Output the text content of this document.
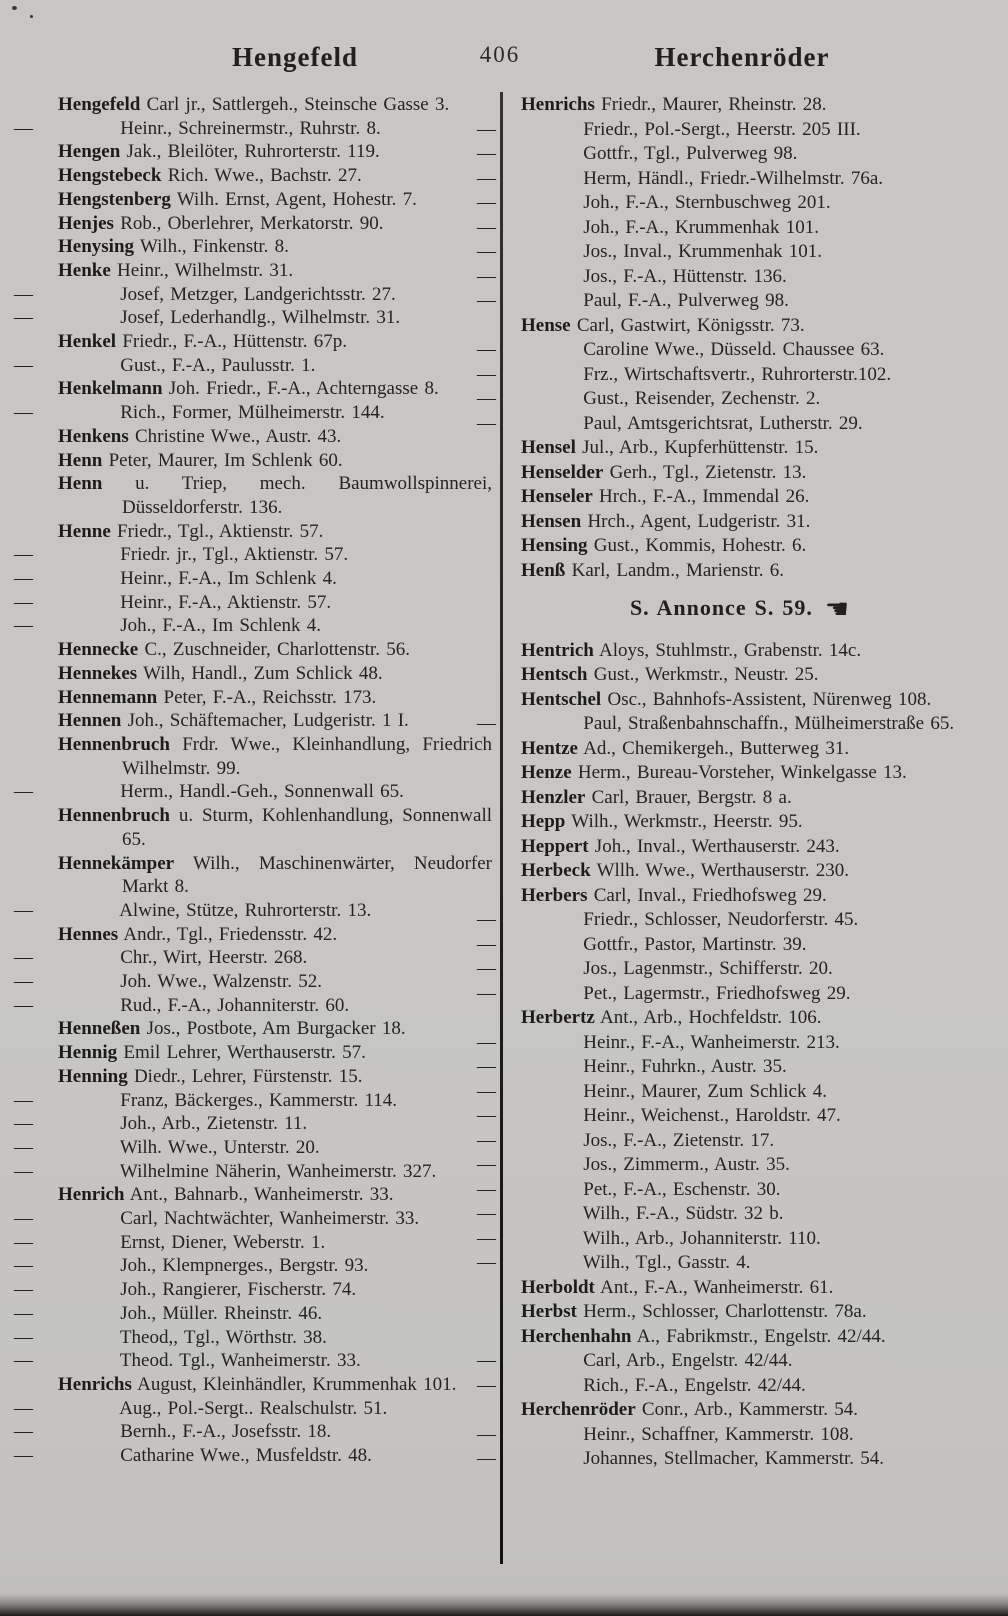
Hengefeld	406	Herchenröder

Hengefeld Carl jr., Sattlergeh., Steinsche Gasse 3.

—	Heinr., Schreinermstr., Ruhrstr. 8.

Hengen Jak., Bleilöter, Ruhrorterstr. 119.

Hengstebeck Rich. Wwe., Bachstr. 27.

Hengstenberg Wilh. Ernst, Agent, Hohestr. 7.

Henjes Rob., Oberlehrer, Merkatorstr. 90.

Henysing Wilh., Finkenstr. 8.

Henke Heinr., Wilhelmstr. 31.

—	Josef, Metzger, Landgerichtsstr. 27.

—	Josef, Lederhandlg., Wilhelmstr. 31.

Henkel Friedr., F.-A., Hüttenstr. 67p.

—	Gust., F.-A., Paulusstr. 1.

Henkelmann Joh. Friedr., F.-A., Achterngasse 8.

—	Rich., Former, Mülheimerstr. 144.

Henkens Christine Wwe., Austr. 43.

Henn Peter, Maurer, Im Schlenk 60.

Henn u. Triep, mech. Baumwollspinnerei, Düsseldorferstr. 136.

Henne Friedr., Tgl., Aktienstr. 57.

—	Friedr. jr., Tgl., Aktienstr. 57.

—	Heinr., F.-A., Im Schlenk 4.

—	Heinr., F.-A., Aktienstr. 57.

—	Joh., F.-A., Im Schlenk 4.

Hennecke C., Zuschneider, Charlottenstr. 56.

Hennekes Wilh, Handl., Zum Schlick 48.

Hennemann Peter, F.-A., Reichsstr. 173.

Hennen Joh., Schäftemacher, Ludgeristr. 1 I.

Hennenbruch Frdr. Wwe., Kleinhandlung, Friedrich Wilhelmstr. 99.

—	Herm., Handl.-Geh., Sonnenwall 65.

Hennenbruch u. Sturm, Kohlenhandlung, Sonnenwall 65.

Hennekämper Wilh., Maschinenwärter, Neudorfer Markt 8.

—	Alwine, Stütze, Ruhrorterstr. 13.

Hennes Andr., Tgl., Friedensstr. 42.

—	Chr., Wirt, Heerstr. 268.

—	Joh. Wwe., Walzenstr. 52.

—	Rud., F.-A., Johanniterstr. 60.

Henneßen Jos., Postbote, Am Burgacker 18.

Hennig Emil Lehrer, Werthauserstr. 57.

Henning Diedr., Lehrer, Fürstenstr. 15.

—	Franz, Bäckerges., Kammerstr. 114.

—	Joh., Arb., Zietenstr. 11.

—	Wilh. Wwe., Unterstr. 20.

—	Wilhelmine Näherin, Wanheimerstr. 327.

Henrich Ant., Bahnarb., Wanheimerstr. 33.

—	Carl, Nachtwächter, Wanheimerstr. 33.

—	Ernst, Diener, Weberstr. 1.

—	Joh., Klempnerges., Bergstr. 93.

—	Joh., Rangierer, Fischerstr. 74.

—	Joh., Müller. Rheinstr. 46.

—	Theod,, Tgl., Wörthstr. 38.

—	Theod. Tgl., Wanheimerstr. 33.

Henrichs August, Kleinhändler, Krummenhak 101.

—	Aug., Pol.-Sergt.. Realschulstr. 51.

—	Bernh., F.-A., Josefsstr. 18.

—	Catharine Wwe., Musfeldstr. 48.

Henrichs Friedr., Maurer, Rheinstr. 28.

—	Friedr., Pol.-Sergt., Heerstr. 205 III.

—	Gottfr., Tgl., Pulverweg 98.

—	Herm, Händl., Friedr.-Wilhelmstr. 76a.

—	Joh., F.-A., Sternbuschweg 201.

—	Joh., F.-A., Krummenhak 101.

—	Jos., Inval., Krummenhak 101.

—	Jos., F.-A., Hüttenstr. 136.

—	Paul, F.-A., Pulverweg 98.

Hense Carl, Gastwirt, Königsstr. 73.

—	Caroline Wwe., Düsseld. Chaussee 63.

—	Frz., Wirtschaftsvertr., Ruhrorterstr.102.

—	Gust., Reisender, Zechenstr. 2.

—	Paul, Amtsgerichtsrat, Lutherstr. 29.

Hensel Jul., Arb., Kupferhüttenstr. 15.

Henselder Gerh., Tgl., Zietenstr. 13.

Henseler Hrch., F.-A., Immendal 26.

Hensen Hrch., Agent, Ludgeristr. 31.

Hensing Gust., Kommis, Hohestr. 6.

Henß Karl, Landm., Marienstr. 6.

S. Annonce S. 59. ☚

Hentrich Aloys, Stuhlmstr., Grabenstr. 14c.

Hentsch Gust., Werkmstr., Neustr. 25.

Hentschel Osc., Bahnhofs-Assistent, Nürenweg 108.

—	Paul, Straßenbahnschaffn., Mülheimerstraße 65.

Hentze Ad., Chemikergeh., Butterweg 31.

Henze Herm., Bureau-Vorsteher, Winkelgasse 13.

Henzler Carl, Brauer, Bergstr. 8 a.

Hepp Wilh., Werkmstr., Heerstr. 95.

Heppert Joh., Inval., Werthauserstr. 243.

Herbeck Wllh. Wwe., Werthauserstr. 230.

Herbers Carl, Inval., Friedhofsweg 29.

—	Friedr., Schlosser, Neudorferstr. 45.

—	Gottfr., Pastor, Martinstr. 39.

—	Jos., Lagenmstr., Schifferstr. 20.

—	Pet., Lagermstr., Friedhofsweg 29.

Herbertz Ant., Arb., Hochfeldstr. 106.

—	Heinr., F.-A., Wanheimerstr. 213.

—	Heinr., Fuhrkn., Austr. 35.

—	Heinr., Maurer, Zum Schlick 4.

—	Heinr., Weichenst., Haroldstr. 47.

—	Jos., F.-A., Zietenstr. 17.

—	Jos., Zimmerm., Austr. 35.

—	Pet., F.-A., Eschenstr. 30.

—	Wilh., F.-A., Südstr. 32 b.

—	Wilh., Arb., Johanniterstr. 110.

—	Wilh., Tgl., Gasstr. 4.

Herboldt Ant., F.-A., Wanheimerstr. 61.

Herbst Herm., Schlosser, Charlottenstr. 78a.

Herchenhahn A., Fabrikmstr., Engelstr. 42/44.

—	Carl, Arb., Engelstr. 42/44.

—	Rich., F.-A., Engelstr. 42/44.

Herchenröder Conr., Arb., Kammerstr. 54.

—	Heinr., Schaffner, Kammerstr. 108.

—	Johannes, Stellmacher, Kammerstr. 54.
